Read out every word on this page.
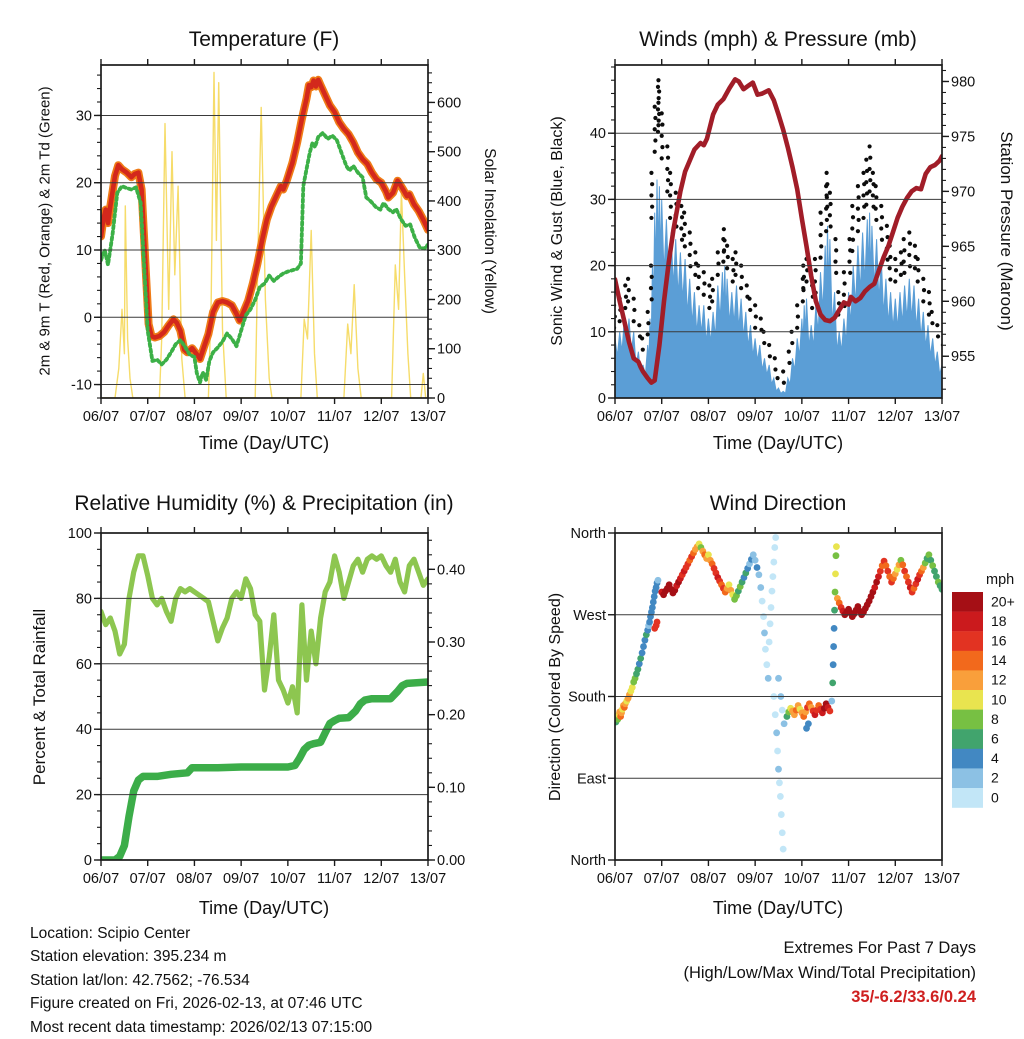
-10
0
10
20
30
0
100
200
300
400
500
600
06/07 07/07 08/07 09/07 10/07 11/07 12/07 13/07
0
10
20
30
40
955
960
965
970
975
980
06/07 07/07 08/07 09/07 10/07 11/07 12/07 13/07
0
20
40
60
80
100
0.00
0.10
0.20
0.30
0.40
06/07 07/07 08/07 09/07 10/07 11/07 12/07 13/07
North
East
South
West
North
06/07 07/07 08/07 09/07 10/07 11/07 12/07 13/07
20+
18
16
14
12
10
8
6
4
2
0
Temperature (F)	Winds (mph) & Pressure (mb)
Relative Humidity (%) & Precipitation (in)	Wind Direction
Time (Day/UTC)	Time (Day/UTC)
Time (Day/UTC)	Time (Day/UTC)
2m & 9m T (Red, Orange) & 2m Td (Green)	Solar Insolation (Yellow)	Sonic Wind & Gust (Blue, Black)	Station Pressure (Maroon)
Percent & Total Rainfall	Direction (Colored By Speed)
mph
Location: Scipio Center
Station elevation: 395.234 m
Station lat/lon: 42.7562; -76.534
Figure created on Fri, 2026-02-13, at 07:46 UTC
Most recent data timestamp: 2026/02/13 07:15:00
Extremes For Past 7 Days
(High/Low/Max Wind/Total Precipitation)
35/-6.2/33.6/0.24
